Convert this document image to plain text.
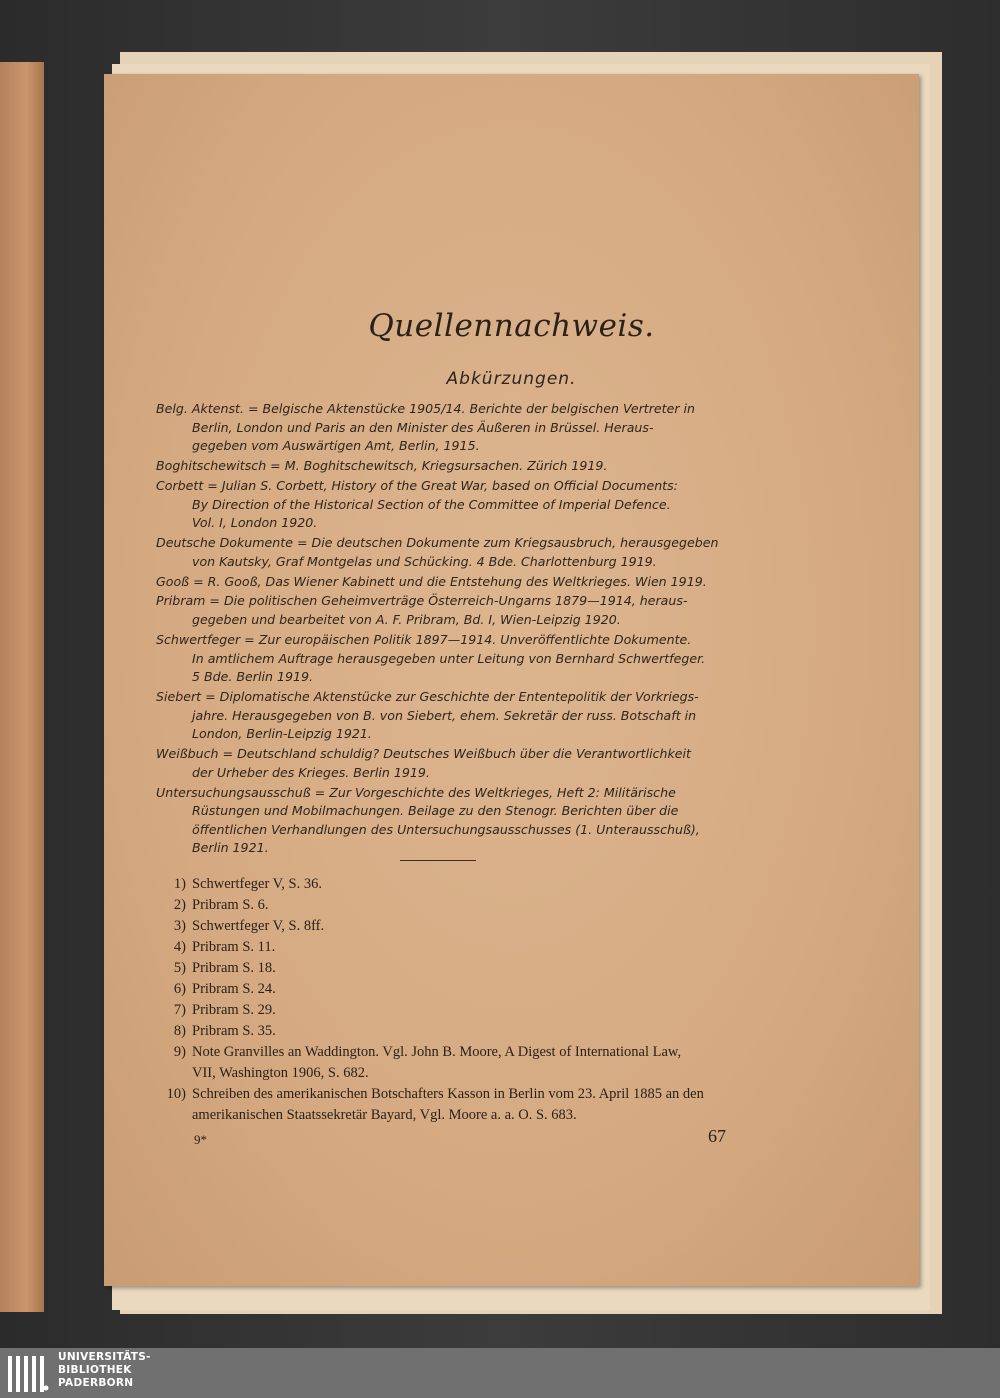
Quellennachweis.
Abkürzungen.
Belg. Aktenst. = Belgische Aktenstücke 1905/14. Berichte der belgischen Vertreter in
Berlin, London und Paris an den Minister des Äußeren in Brüssel. Heraus-
gegeben vom Auswärtigen Amt, Berlin, 1915.
Boghitschewitsch = M. Boghitschewitsch, Kriegsursachen. Zürich 1919.
Corbett = Julian S. Corbett, History of the Great War, based on Official Documents:
By Direction of the Historical Section of the Committee of Imperial Defence.
Vol. I, London 1920.
Deutsche Dokumente = Die deutschen Dokumente zum Kriegsausbruch, herausgegeben
von Kautsky, Graf Montgelas und Schücking. 4 Bde. Charlottenburg 1919.
Gooß = R. Gooß, Das Wiener Kabinett und die Entstehung des Weltkrieges. Wien 1919.
Pribram = Die politischen Geheimverträge Österreich-Ungarns 1879—1914, heraus-
gegeben und bearbeitet von A. F. Pribram, Bd. I, Wien-Leipzig 1920.
Schwertfeger = Zur europäischen Politik 1897—1914. Unveröffentlichte Dokumente.
In amtlichem Auftrage herausgegeben unter Leitung von Bernhard Schwertfeger.
5 Bde. Berlin 1919.
Siebert = Diplomatische Aktenstücke zur Geschichte der Ententepolitik der Vorkriegs-
jahre. Herausgegeben von B. von Siebert, ehem. Sekretär der russ. Botschaft in
London, Berlin-Leipzig 1921.
Weißbuch = Deutschland schuldig? Deutsches Weißbuch über die Verantwortlichkeit
der Urheber des Krieges. Berlin 1919.
Untersuchungsausschuß = Zur Vorgeschichte des Weltkrieges, Heft 2: Militärische
Rüstungen und Mobilmachungen. Beilage zu den Stenogr. Berichten über die
öffentlichen Verhandlungen des Untersuchungsausschusses (1. Unterausschuß),
Berlin 1921.
1) Schwertfeger V, S. 36.
2) Pribram S. 6.
3) Schwertfeger V, S. 8ff.
4) Pribram S. 11.
5) Pribram S. 18.
6) Pribram S. 24.
7) Pribram S. 29.
8) Pribram S. 35.
9) Note Granvilles an Waddington. Vgl. John B. Moore, A Digest of International Law,
VII, Washington 1906, S. 682.
10) Schreiben des amerikanischen Botschafters Kasson in Berlin vom 23. April 1885 an den
amerikanischen Staatssekretär Bayard, Vgl. Moore a. a. O. S. 683.
9*	67
UNIVERSITÄTS-
BIBLIOTHEK
PADERBORN
